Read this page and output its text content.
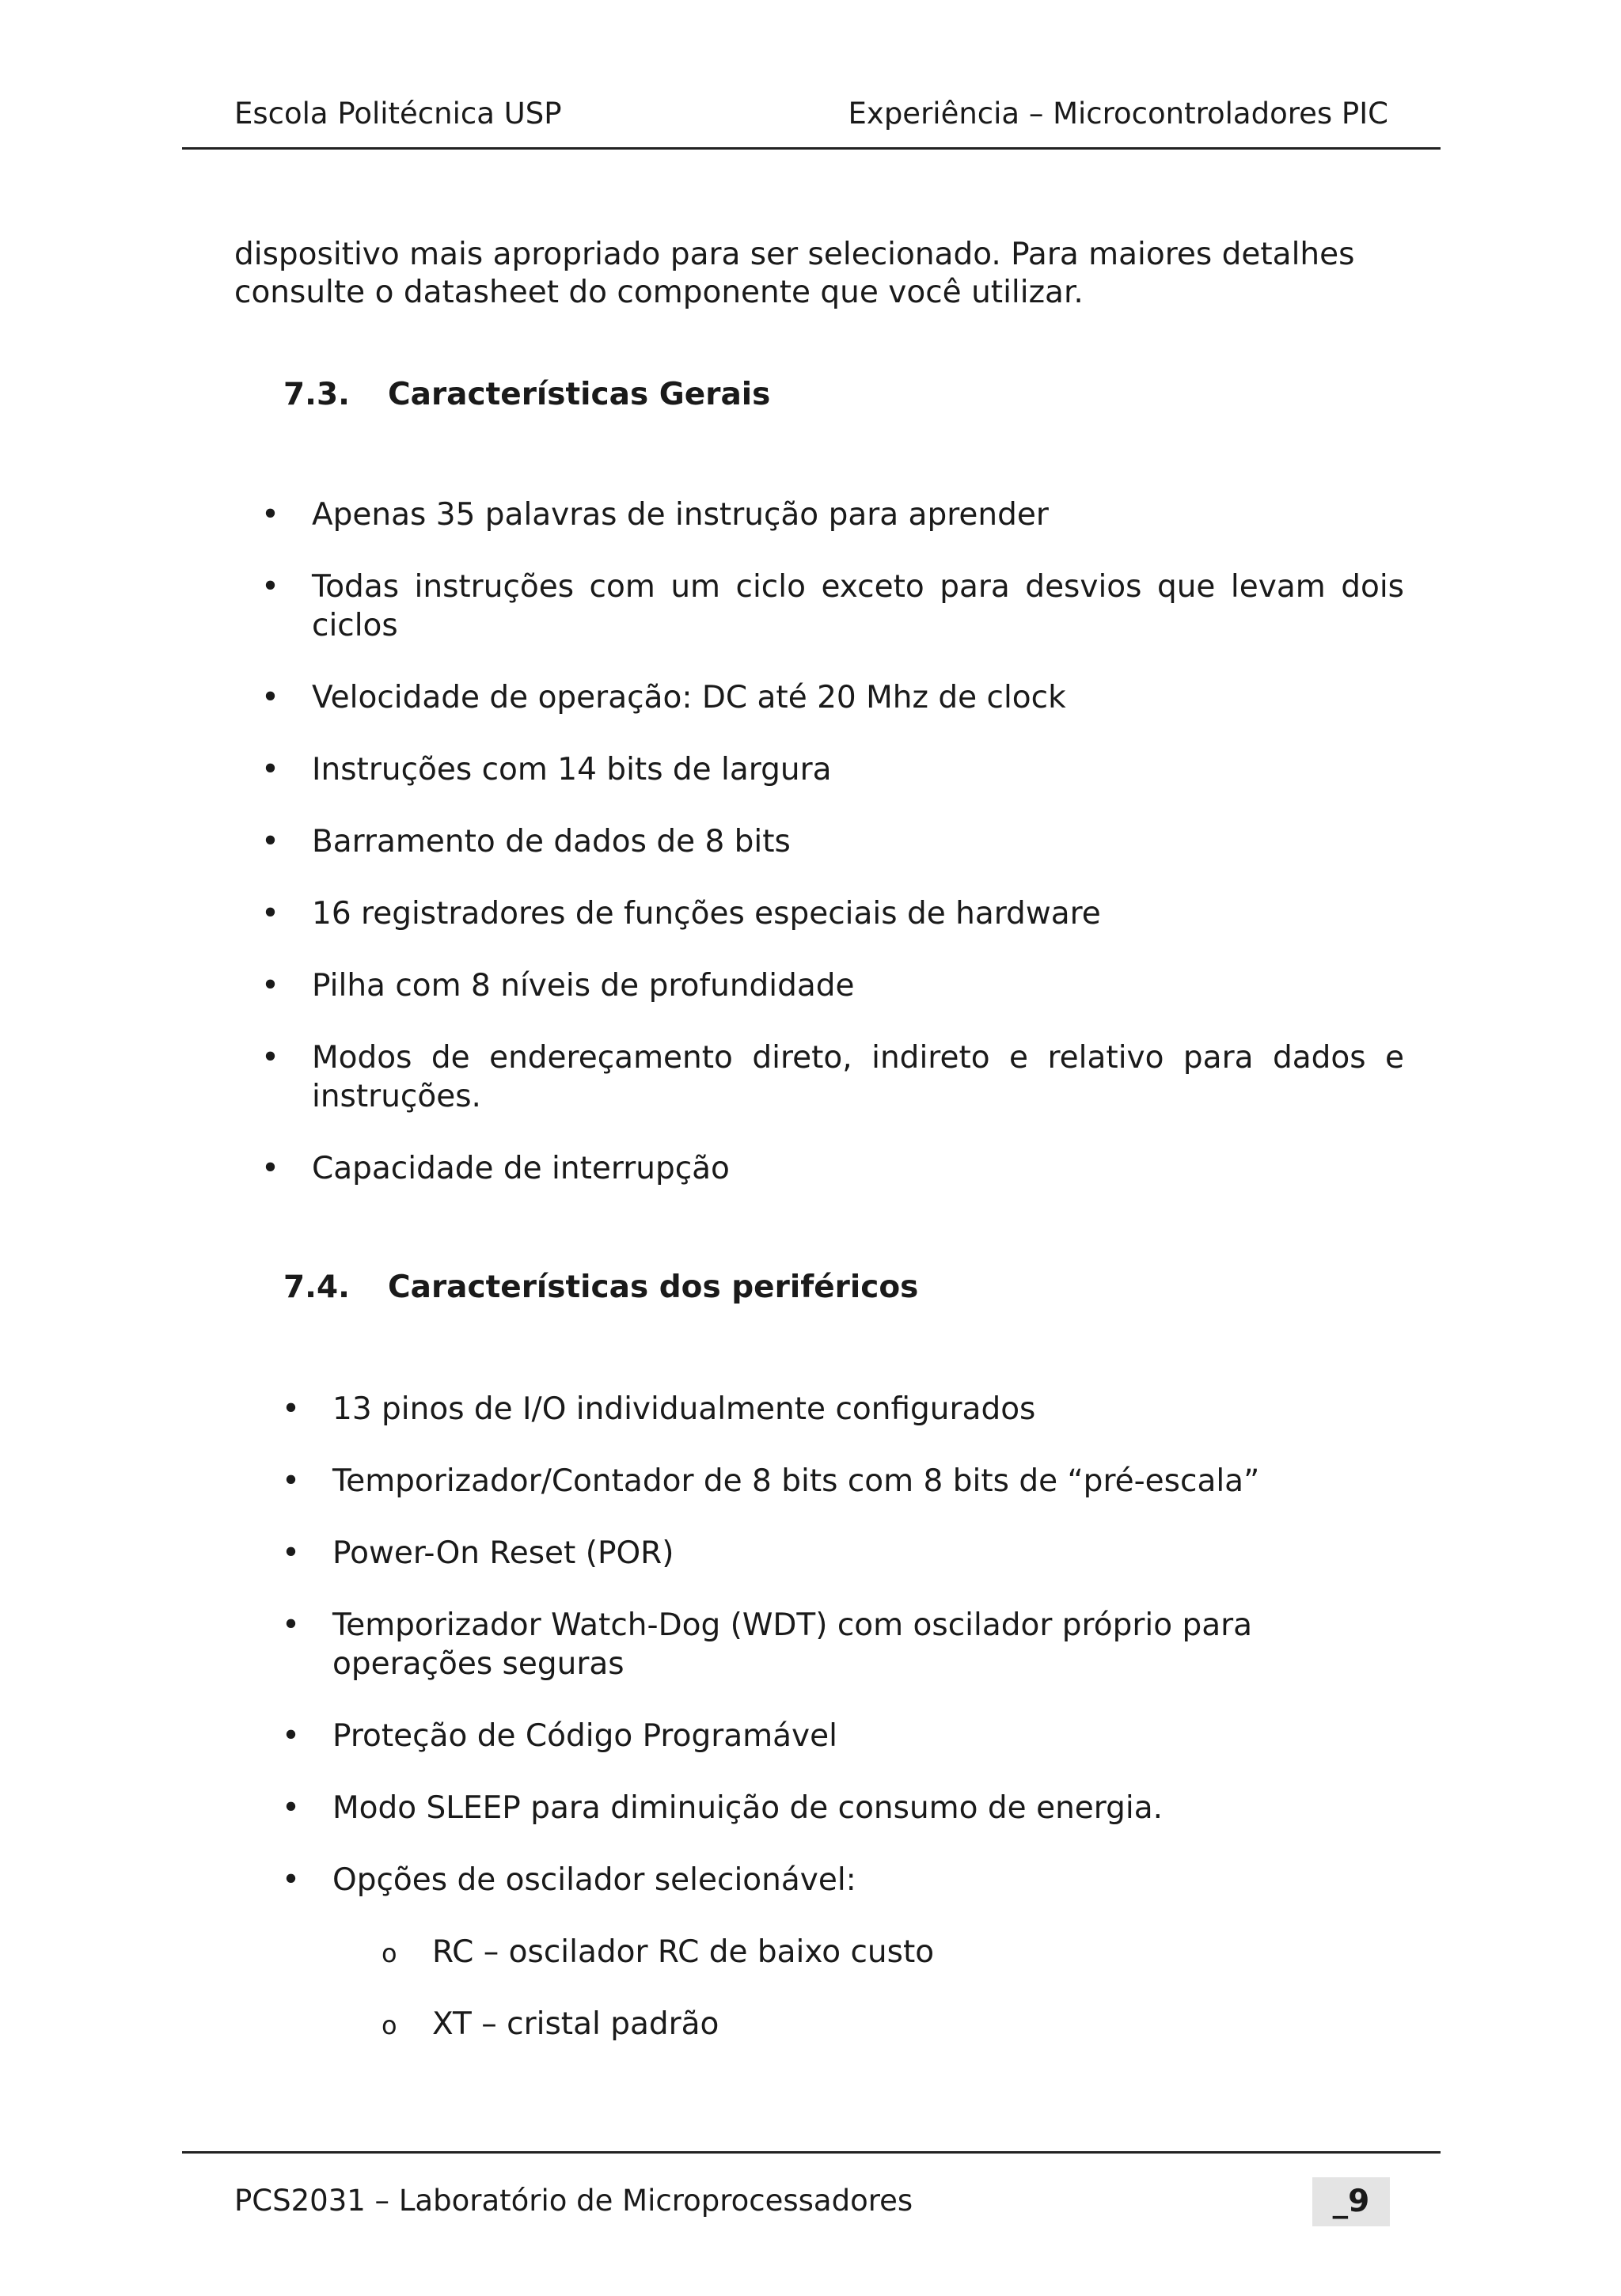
Escola Politécnica USP	Experiência – Microcontroladores PIC

dispositivo mais apropriado para ser selecionado. Para maiores detalhes consulte o datasheet do componente que você utilizar.

7.3. Características Gerais
• Apenas 35 palavras de instrução para aprender
• Todas instruções com um ciclo exceto para desvios que levam dois ciclos
• Velocidade de operação: DC até 20 Mhz de clock
• Instruções com 14 bits de largura
• Barramento de dados de 8 bits
• 16 registradores de funções especiais de hardware
• Pilha com 8 níveis de profundidade
• Modos de endereçamento direto, indireto e relativo para dados e instruções.
• Capacidade de interrupção
7.4. Características dos periféricos
• 13 pinos de I/O individualmente configurados
• Temporizador/Contador de 8 bits com 8 bits de “pré-escala”
• Power-On Reset (POR)
• Temporizador Watch-Dog (WDT) com oscilador próprio para operações seguras
• Proteção de Código Programável
• Modo SLEEP para diminuição de consumo de energia.
• Opções de oscilador selecionável:
o RC – oscilador RC de baixo custo
o XT – cristal padrão
PCS2031 – Laboratório de Microprocessadores	_9
